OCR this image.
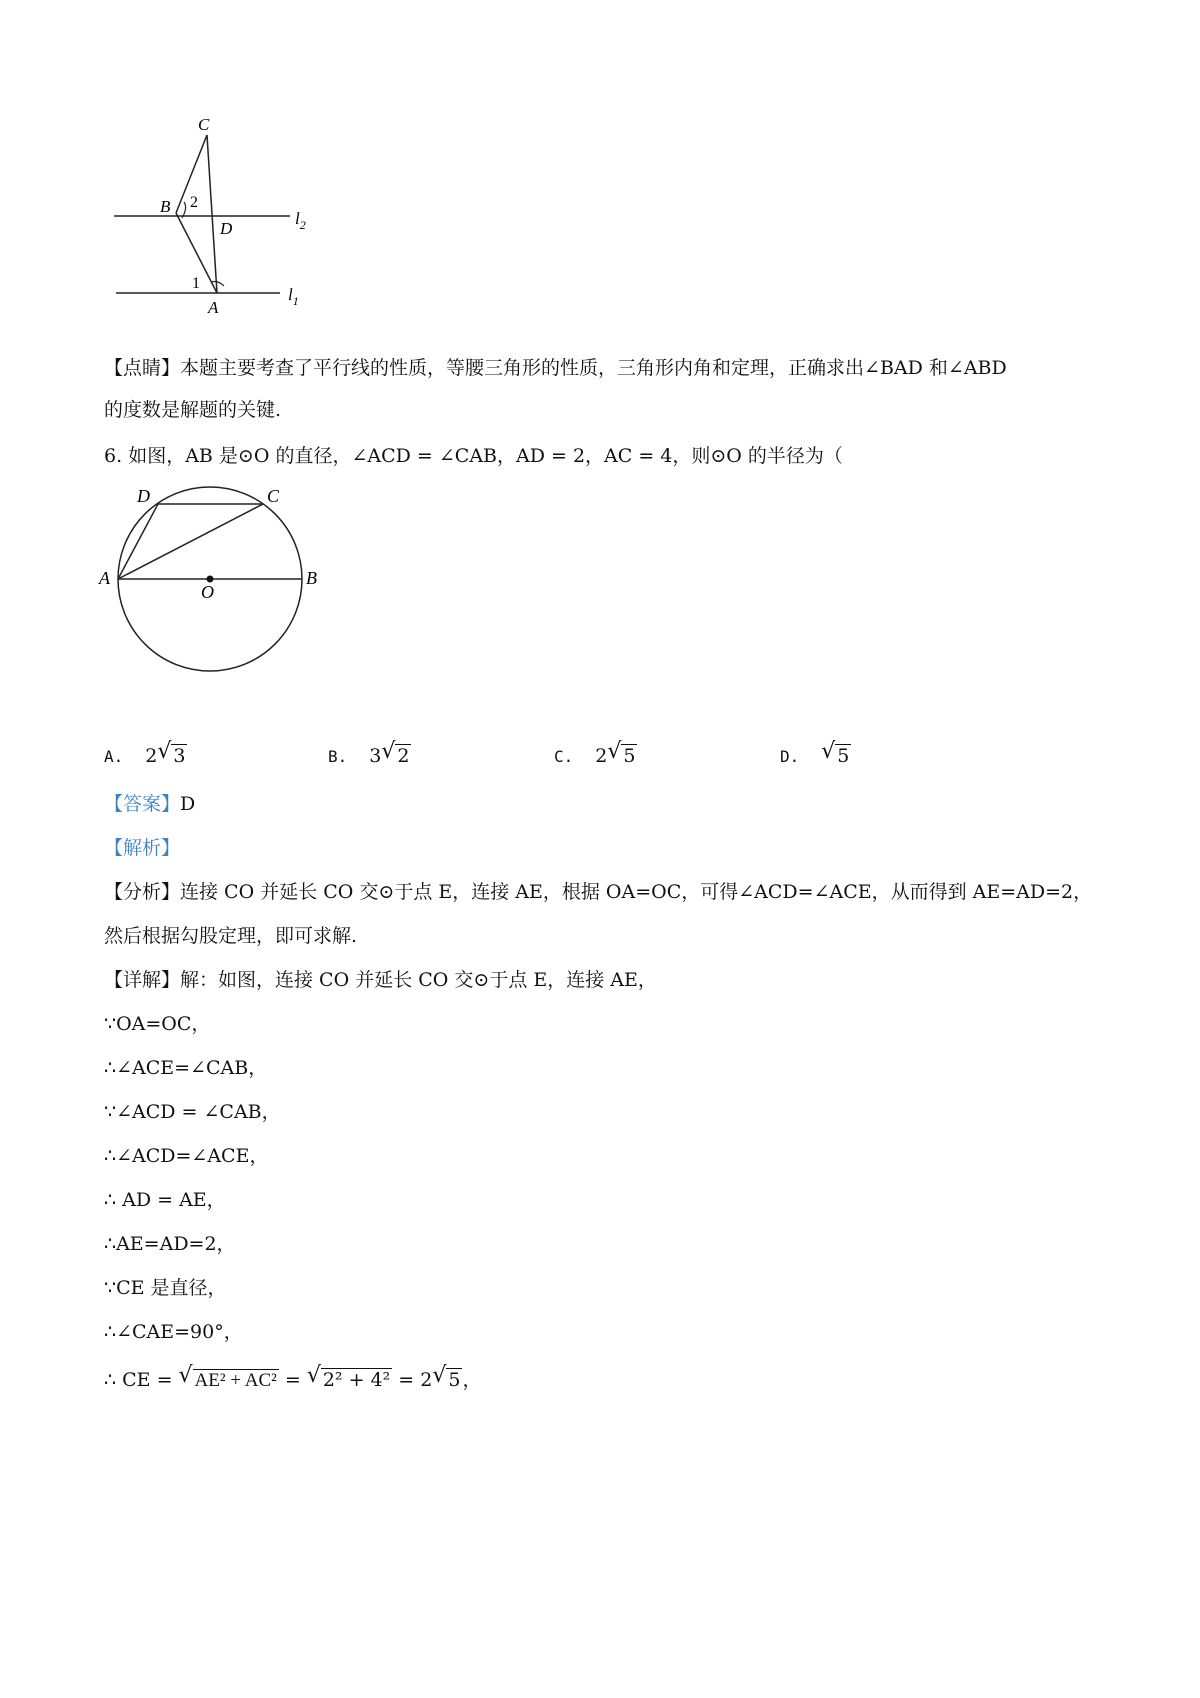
C
B 2
D
$l_2$
1
A
$l_1$
【点睛】本题主要考查了平行线的性质，等腰三角形的性质，三角形内角和定理，正确求出∠BAD 和∠ABD
的度数是解题的关键.
6. 如图，AB 是⊙O 的直径，∠ACD = ∠CAB，AD = 2，AC = 4，则⊙O 的半径为（
D	C
A
O
B
A. 2 √ 3	B. 3 √ 2	C. 2 √ 5	D. √ 5
【答案】D
【解析】
【分析】连接 CO 并延长 CO 交⊙于点 E，连接 AE，根据 OA=OC，可得∠ACD=∠ACE，从而得到 AE=AD=2，
然后根据勾股定理，即可求解.
【详解】解：如图，连接 CO 并延长 CO 交⊙于点 E，连接 AE，
∵OA=OC，
∴∠ACE=∠CAB，
∵∠ACD = ∠CAB，
∴∠ACD=∠ACE，
∴ AD = AE，
∴AE=AD=2，
∵CE 是直径，
∴∠CAE=90°，
∴ CE = √ AE² + AC² = √ 2² + 4² = 2 √ 5 ，
